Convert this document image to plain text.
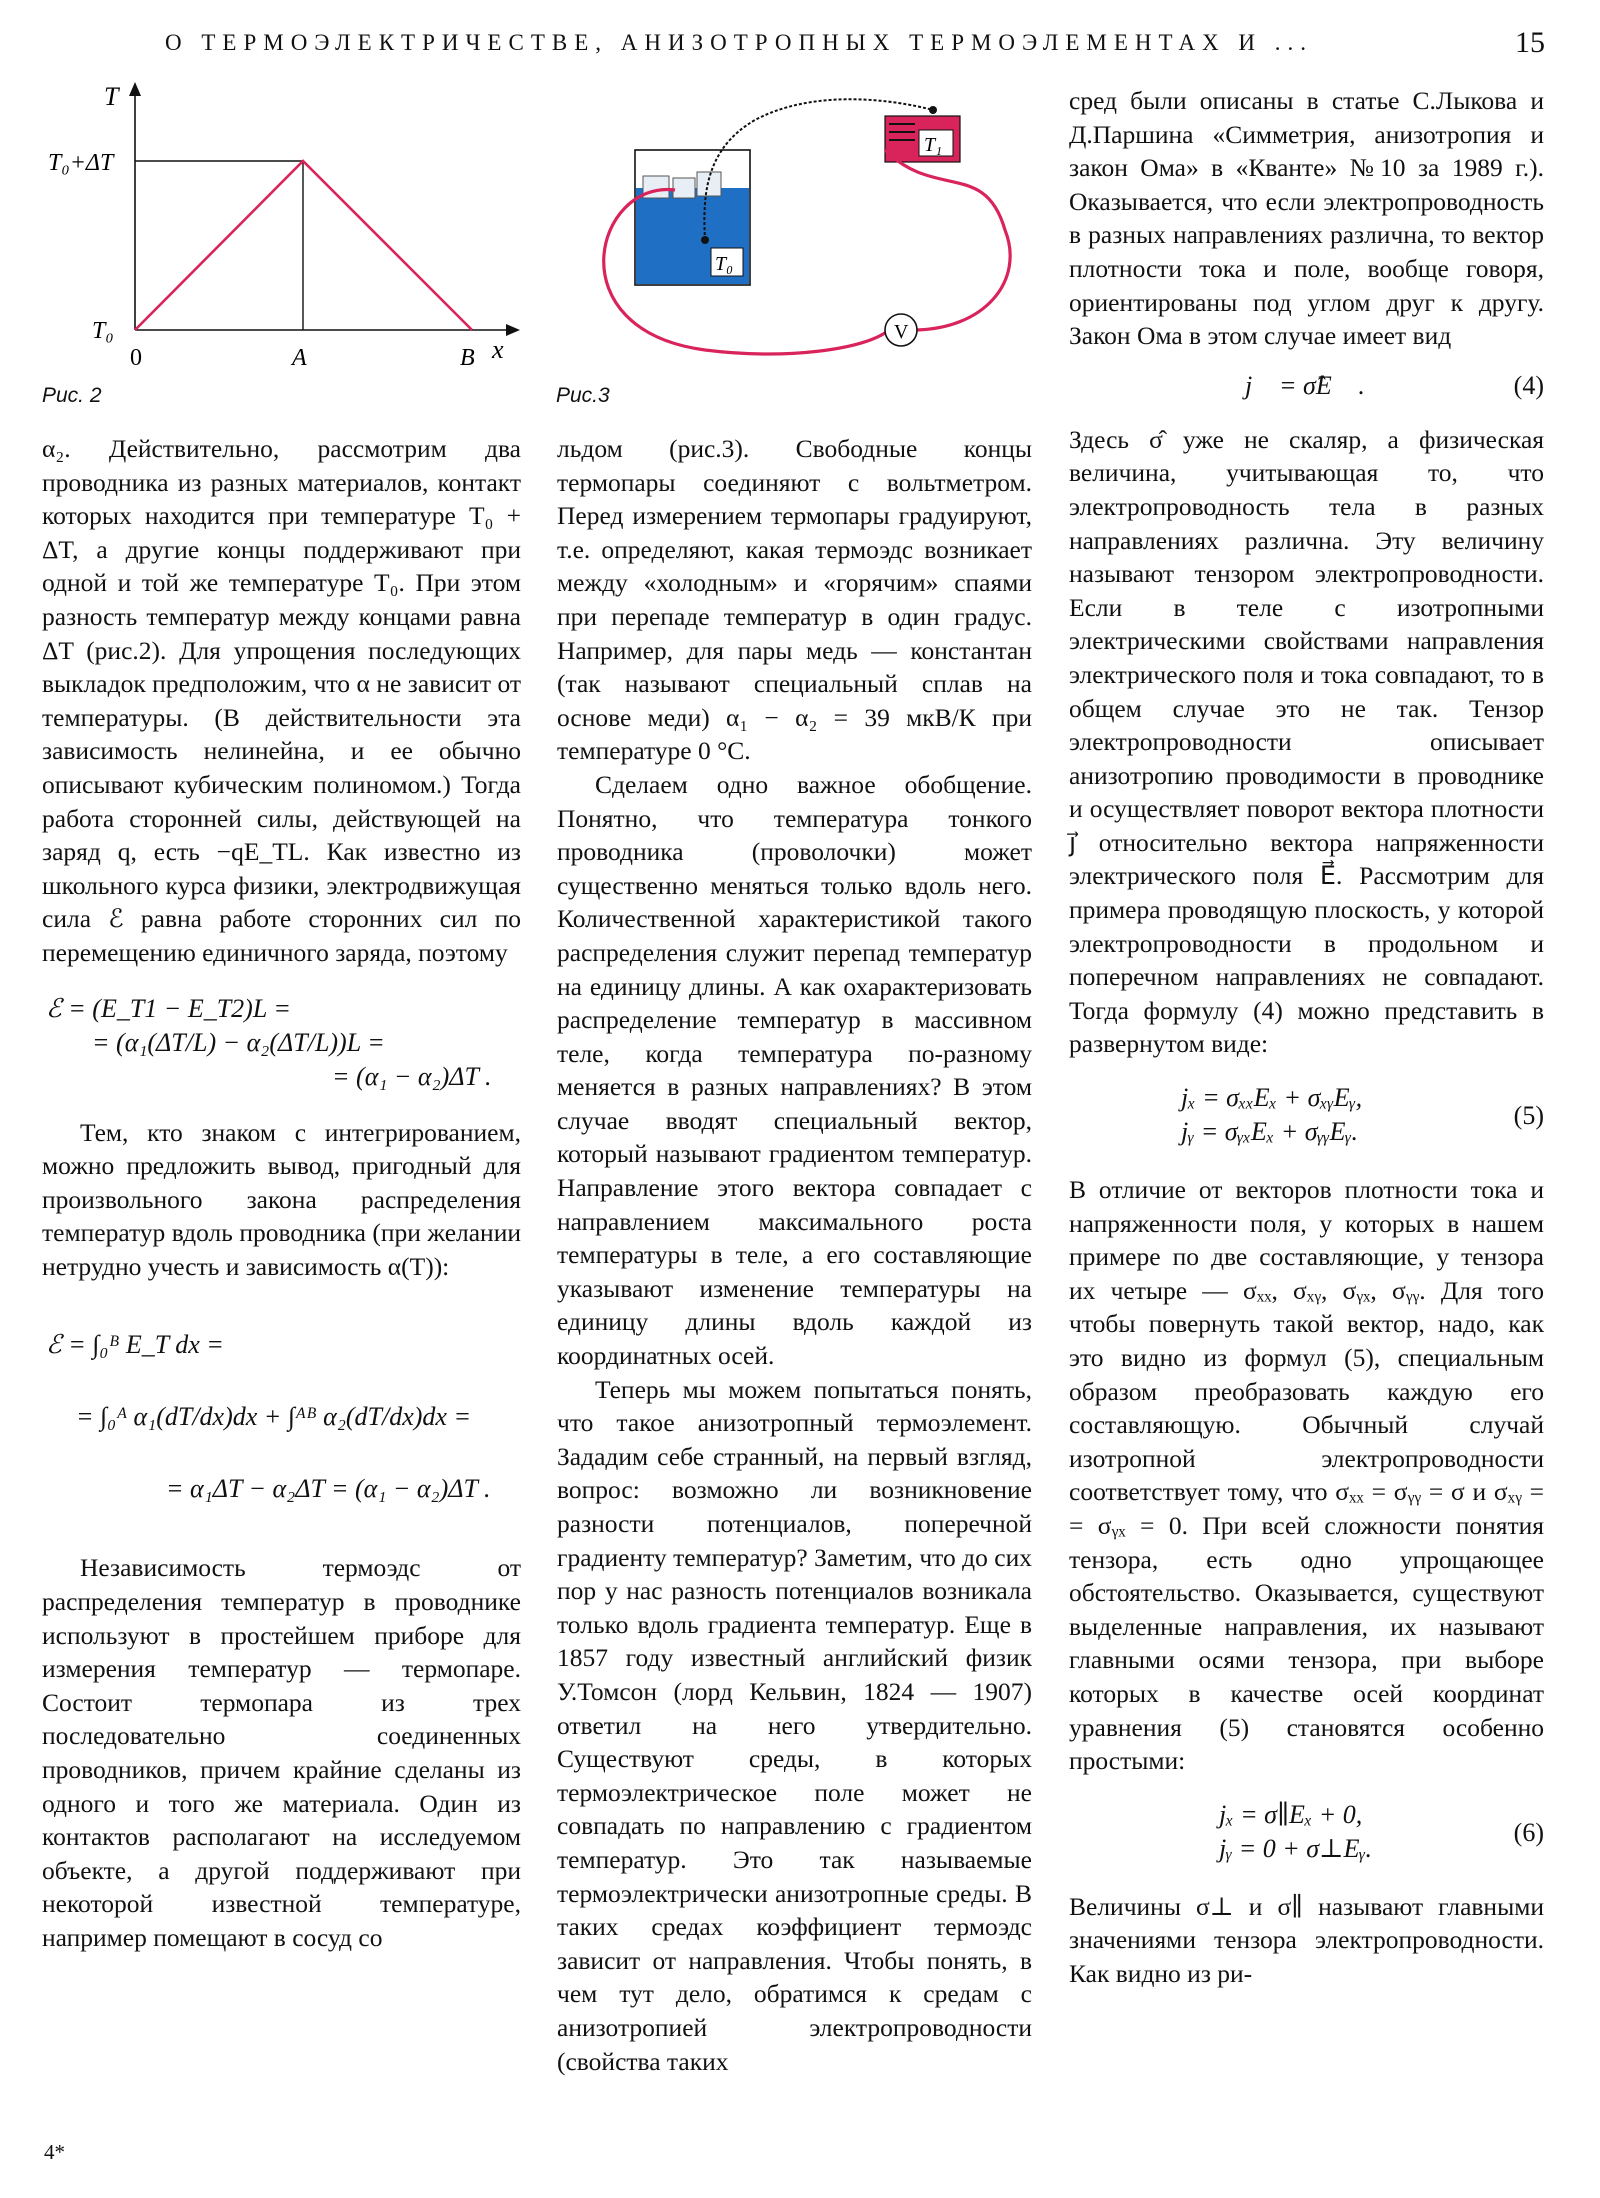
О ТЕРМОЭЛЕКТРИЧЕСТВЕ, АНИЗОТРОПНЫХ ТЕРМОЭЛЕМЕНТАХ И ...	15
T
x
T₀+ΔT
T₀
0	A	B
Рис. 2
T₀
T₁
V
Рис.3

α₂. Действительно, рассмотрим два проводника из разных материалов, контакт которых находится при температуре T₀ + ΔT, а другие концы поддерживают при одной и той же температуре T₀. При этом разность температур между концами равна ΔT (рис.2). Для упрощения последующих выкладок предположим, что α не зависит от температуры. (В действительности эта зависимость нелинейна, и ее обычно описывают кубическим полиномом.) Тогда работа сторонней силы, действующей на заряд q, есть −qE_TL. Как известно из школьного курса физики, электродвижущая сила ℰ равна работе сторонних сил по перемещению единичного заряда, поэтому

ℰ = (E_T1 − E_T2)L =
= (α₁(ΔT/L) − α₂(ΔT/L))L =
= (α₁ − α₂)ΔT .

Тем, кто знаком с интегрированием, можно предложить вывод, пригодный для произвольного закона распределения температур вдоль проводника (при желании нетрудно учесть и зависимость α(T)):

ℰ = ∫₀ᴮ E_T dx =
= ∫₀ᴬ α₁(dT/dx)dx + ∫ᴬᴮ α₂(dT/dx)dx =
= α₁ΔT − α₂ΔT = (α₁ − α₂)ΔT .

Независимость термоэдс от распределения температур в проводнике используют в простейшем приборе для измерения температур — термопаре. Состоит термопара из трех последовательно соединенных проводников, причем крайние сделаны из одного и того же материала. Один из контактов располагают на исследуемом объекте, а другой поддерживают при некоторой известной температуре, например помещают в сосуд со

льдом (рис.3). Свободные концы термопары соединяют с вольтметром. Перед измерением термопары градуируют, т.е. определяют, какая термоэдс возникает между «холодным» и «горячим» спаями при перепаде температур в один градус. Например, для пары медь — константан (так называют специальный сплав на основе меди) α₁ − α₂ = 39 мкВ/К при температуре 0 °С.

Сделаем одно важное обобщение. Понятно, что температура тонкого проводника (проволочки) может существенно меняться только вдоль него. Количественной характеристикой такого распределения служит перепад температур на единицу длины. А как охарактеризовать распределение температур в массивном теле, когда температура по-разному меняется в разных направлениях? В этом случае вводят специальный вектор, который называют градиентом температур. Направление этого вектора совпадает с направлением максимального роста температуры в теле, а его составляющие указывают изменение температуры на единицу длины вдоль каждой из координатных осей.

Теперь мы можем попытаться понять, что такое анизотропный термоэлемент. Зададим себе странный, на первый взгляд, вопрос: возможно ли возникновение разности потенциалов, поперечной градиенту температур? Заметим, что до сих пор у нас разность потенциалов возникала только вдоль градиента температур. Еще в 1857 году известный английский физик У.Томсон (лорд Кельвин, 1824 — 1907) ответил на него утвердительно. Существуют среды, в которых термоэлектрическое поле может не совпадать по направлению с градиентом температур. Это так называемые термоэлектрически анизотропные среды. В таких средах коэффициент термоэдс зависит от направления. Чтобы понять, в чем тут дело, обратимся к средам с анизотропией электропроводности (свойства таких

сред были описаны в статье С.Лыкова и Д.Паршина «Симметрия, анизотропия и закон Ома» в «Кванте» №10 за 1989 г.). Оказывается, что если электропроводность в разных направлениях различна, то вектор плотности тока и поле, вообще говоря, ориентированы под углом друг к другу. Закон Ома в этом случае имеет вид

j⃗ = σ̂E⃗ .	(4)

Здесь σ̂ уже не скаляр, а физическая величина, учитывающая то, что электропроводность тела в разных направлениях различна. Эту величину называют тензором электропроводности. Если в теле с изотропными электрическими свойствами направления электрического поля и тока совпадают, то в общем случае это не так. Тензор электропроводности описывает анизотропию проводимости в проводнике и осуществляет поворот вектора плотности j⃗ относительно вектора напряженности электрического поля E⃗. Рассмотрим для примера проводящую плоскость, у которой электропроводности в продольном и поперечном направлениях не совпадают. Тогда формулу (4) можно представить в развернутом виде:

jₓ = σₓₓEₓ + σₓᵧEᵧ,
jᵧ = σᵧₓEₓ + σᵧᵧEᵧ.
(5)

В отличие от векторов плотности тока и напряженности поля, у которых в нашем примере по две составляющие, у тензора их четыре — σₓₓ, σₓᵧ, σᵧₓ, σᵧᵧ. Для того чтобы повернуть такой вектор, надо, как это видно из формул (5), специальным образом преобразовать каждую его составляющую. Обычный случай изотропной электропроводности соответствует тому, что σₓₓ = σᵧᵧ = σ и σₓᵧ = = σᵧₓ = 0. При всей сложности понятия тензора, есть одно упрощающее обстоятельство. Оказывается, существуют выделенные направления, их называют главными осями тензора, при выборе которых в качестве осей координат уравнения (5) становятся особенно простыми:

jₓ = σ∥Eₓ + 0,
jᵧ = 0 + σ⊥Eᵧ.
(6)

Величины σ⊥ и σ∥ называют главными значениями тензора электропроводности. Как видно из ри-

4*
